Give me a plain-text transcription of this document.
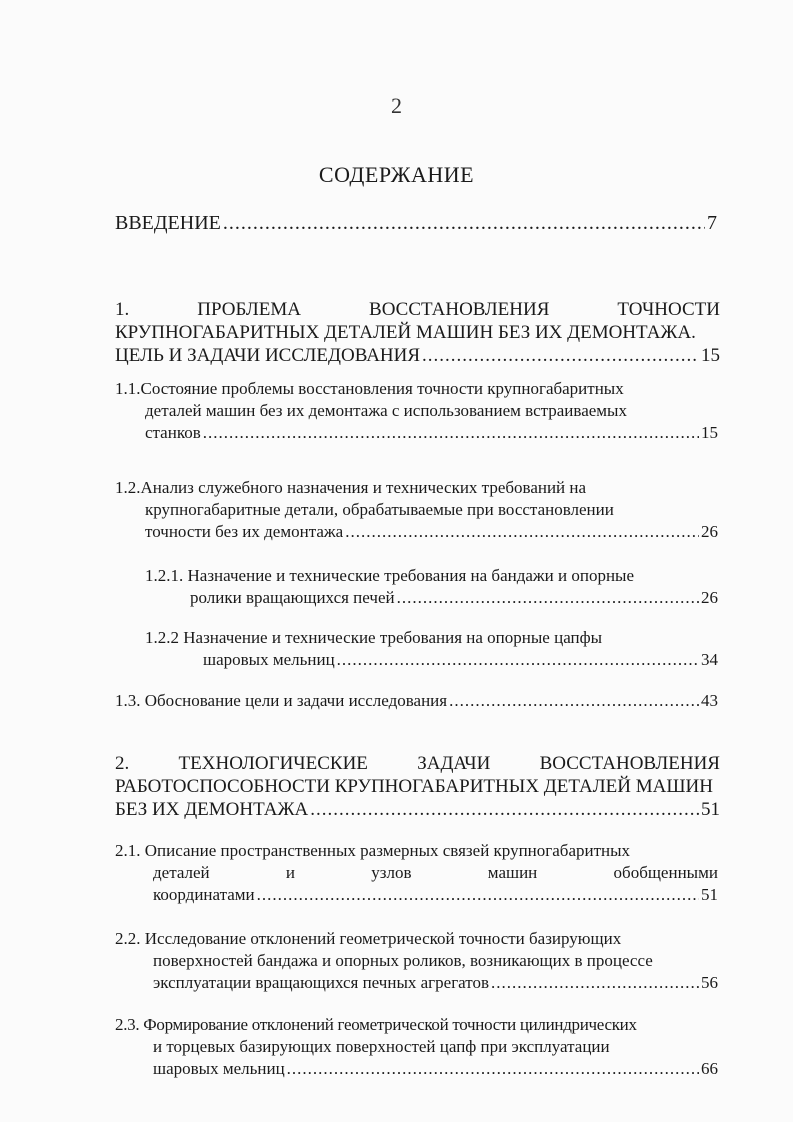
2
СОДЕРЖАНИЕ
ВВЕДЕНИЕ .....	7
1.	ПРОБЛЕМА	ВОССТАНОВЛЕНИЯ	ТОЧНОСТИ
КРУПНОГАБАРИТНЫХ ДЕТАЛЕЙ МАШИН БЕЗ ИХ ДЕМОНТАЖА.
ЦЕЛЬ И ЗАДАЧИ ИССЛЕДОВАНИЯ .....	15
1.1.Состояние проблемы восстановления точности крупногабаритных
деталей машин без их демонтажа с использованием встраиваемых
станков .....	15
1.2.Анализ служебного назначения и технических требований на
крупногабаритные детали, обрабатываемые при восстановлении
точности без их демонтажа .....	26
1.2.1. Назначение и технические требования на бандажи и опорные
ролики вращающихся печей .....	26
1.2.2 Назначение и технические требования на опорные цапфы
шаровых мельниц .....	34
1.3. Обоснование цели и задачи исследования .....	43
2.	ТЕХНОЛОГИЧЕСКИЕ	ЗАДАЧИ	ВОССТАНОВЛЕНИЯ
РАБОТОСПОСОБНОСТИ КРУПНОГАБАРИТНЫХ ДЕТАЛЕЙ МАШИН
БЕЗ ИХ ДЕМОНТАЖА .....	51
2.1. Описание пространственных размерных связей крупногабаритных
деталей	и	узлов	машин	обобщенными
координатами .....	51
2.2. Исследование отклонений геометрической точности базирующих
поверхностей бандажа и опорных роликов, возникающих в процессе
эксплуатации вращающихся печных агрегатов .....	56
2.3. Формирование отклонений геометрической точности цилиндрических
и торцевых базирующих поверхностей цапф при эксплуатации
шаровых мельниц .....	66
